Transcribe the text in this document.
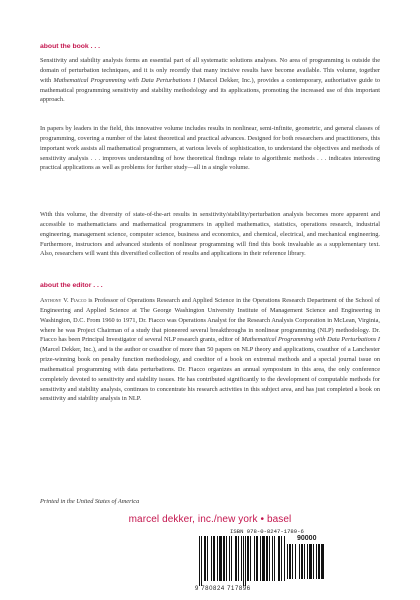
about the book . . .

Sensitivity and stability analysis forms an essential part of all systematic solutions analyses. No area of programming is outside the domain of perturbation techniques, and it is only recently that many incisive results have become available. This volume, together with Mathematical Programming with Data Perturbations I (Marcel Dekker, Inc.), provides a contemporary, authoritative guide to mathematical programming sensitivity and stability methodology and its applications, promoting the increased use of this important approach.

In papers by leaders in the field, this innovative volume includes results in nonlinear, semi-infinite, geometric, and general classes of programming, covering a number of the latest theoretical and practical advances. Designed for both researchers and practitioners, this important work assists all mathematical programmers, at various levels of sophistication, to understand the objectives and methods of sensitivity analysis . . . improves understanding of how theoretical findings relate to algorithmic methods . . . indicates interesting practical applications as well as problems for further study—all in a single volume.

With this volume, the diversity of state-of-the-art results in sensitivity/stability/perturbation analysis becomes more apparent and accessible to mathematicians and mathematical programmers in applied mathematics, statistics, operations research, industrial engineering, management science, computer science, business and economics, and chemical, electrical, and mechanical engineering. Furthermore, instructors and advanced students of nonlinear programming will find this book invaluable as a supplementary text. Also, researchers will want this diversified collection of results and applications in their reference library.

about the editor . . .

Anthony V. Fiacco is Professor of Operations Research and Applied Science in the Operations Research Department of the School of Engineering and Applied Science at The George Washington University Institute of Management Science and Engineering in Washington, D.C. From 1960 to 1971, Dr. Fiacco was Operations Analyst for the Research Analysis Corporation in McLean, Virginia, where he was Project Chairman of a study that pioneered several breakthroughs in nonlinear programming (NLP) methodology. Dr. Fiacco has been Principal Investigator of several NLP research grants, editor of Mathematical Programming with Data Perturbations I (Marcel Dekker, Inc.), and is the author or coauthor of more than 50 papers on NLP theory and applications, coauthor of a Lanchester prize-winning book on penalty function methodology, and coeditor of a book on extremal methods and a special journal issue on mathematical programming with data perturbations. Dr. Fiacco organizes an annual symposium in this area, the only conference completely devoted to sensitivity and stability issues. He has contributed significantly to the development of computable methods for sensitivity and stability analysis, continues to concentrate his research activities in this subject area, and has just completed a book on sensitivity and stability analysis in NLP.

Printed in the United States of America
marcel dekker, inc./new york • basel
ISBN 978-0-8247-1789-6
90000
9 780824 717896
